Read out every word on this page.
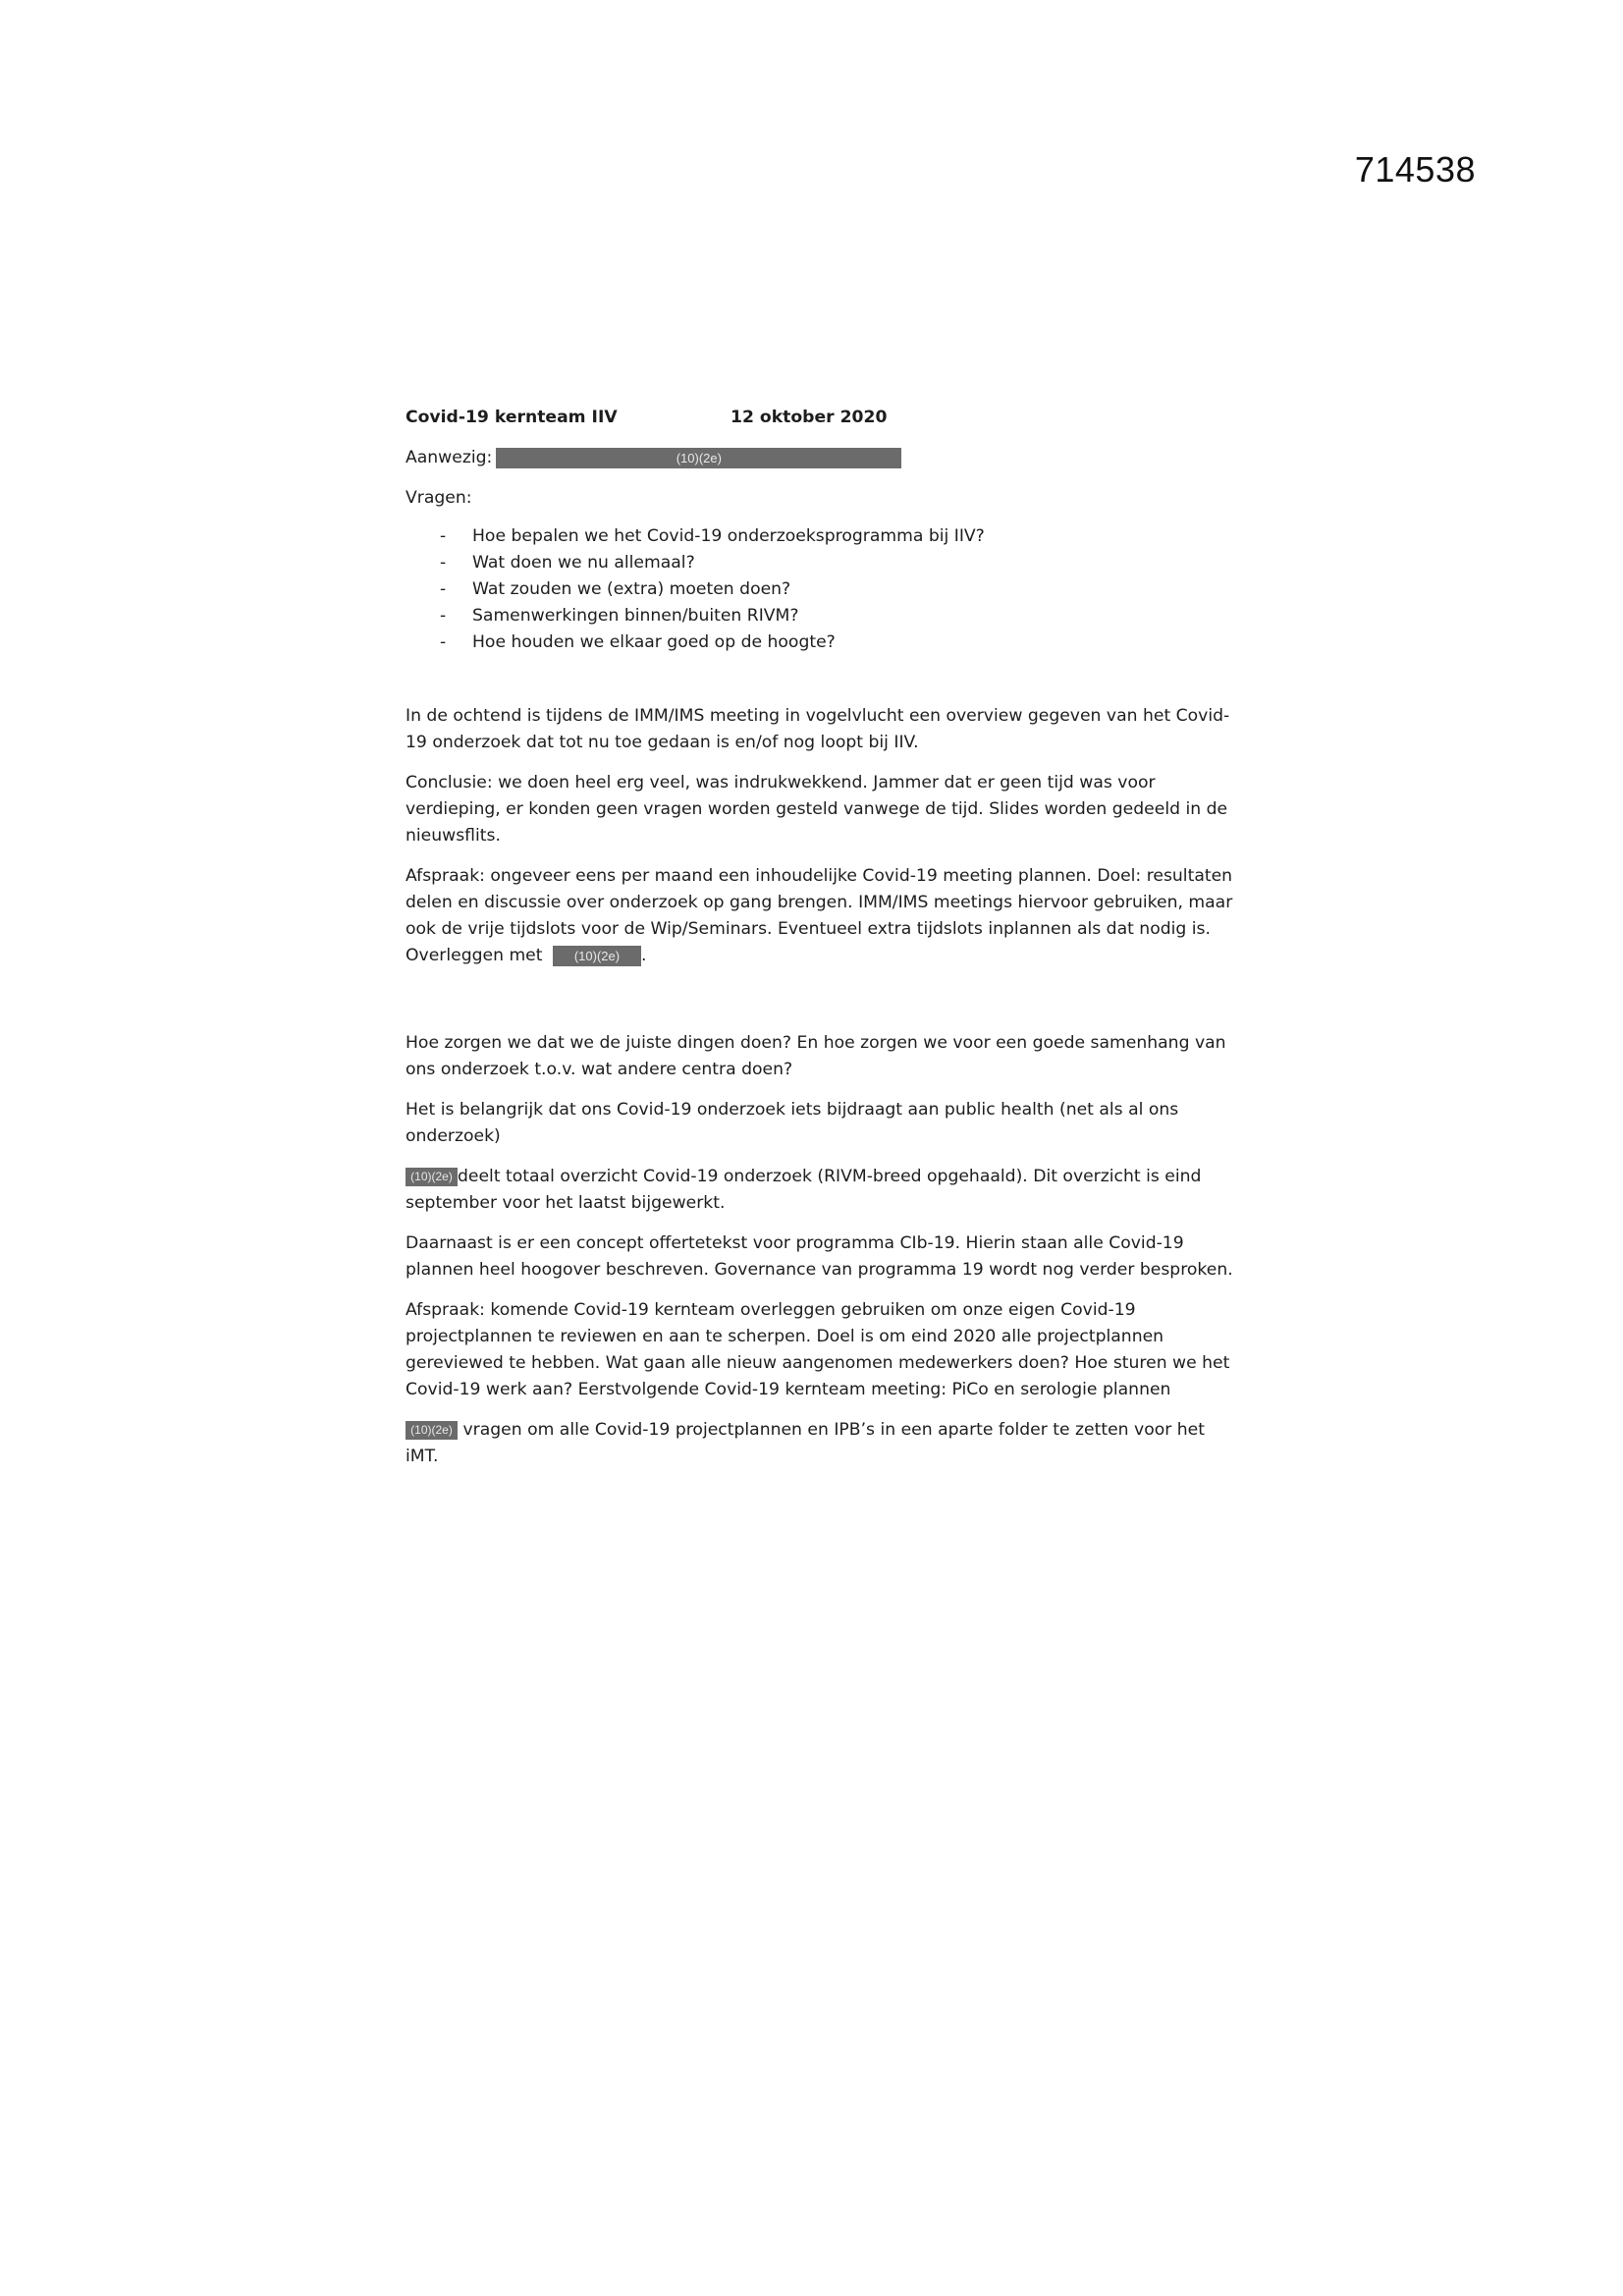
714538
Covid-19 kernteam IIV	12 oktober 2020
Aanwezig:	(10)(2e)
Vragen:
- Hoe bepalen we het Covid-19 onderzoeksprogramma bij IIV?
- Wat doen we nu allemaal?
- Wat zouden we (extra) moeten doen?
- Samenwerkingen binnen/buiten RIVM?
- Hoe houden we elkaar goed op de hoogte?

In de ochtend is tijdens de IMM/IMS meeting in vogelvlucht een overview gegeven van het Covid-19 onderzoek dat tot nu toe gedaan is en/of nog loopt bij IIV.

Conclusie: we doen heel erg veel, was indrukwekkend. Jammer dat er geen tijd was voor verdieping, er konden geen vragen worden gesteld vanwege de tijd. Slides worden gedeeld in de nieuwsflits.

Afspraak: ongeveer eens per maand een inhoudelijke Covid-19 meeting plannen. Doel: resultaten delen en discussie over onderzoek op gang brengen. IMM/IMS meetings hiervoor gebruiken, maar ook de vrije tijdslots voor de Wip/Seminars. Eventueel extra tijdslots inplannen als dat nodig is.
Overleggen met (10)(2e) .

Hoe zorgen we dat we de juiste dingen doen? En hoe zorgen we voor een goede samenhang van ons onderzoek t.o.v. wat andere centra doen?

Het is belangrijk dat ons Covid-19 onderzoek iets bijdraagt aan public health (net als al ons onderzoek)

(10)(2e) deelt totaal overzicht Covid-19 onderzoek (RIVM-breed opgehaald). Dit overzicht is eind september voor het laatst bijgewerkt.

Daarnaast is er een concept offertetekst voor programma CIb-19. Hierin staan alle Covid-19 plannen heel hoogover beschreven. Governance van programma 19 wordt nog verder besproken.

Afspraak: komende Covid-19 kernteam overleggen gebruiken om onze eigen Covid-19 projectplannen te reviewen en aan te scherpen. Doel is om eind 2020 alle projectplannen gereviewed te hebben. Wat gaan alle nieuw aangenomen medewerkers doen? Hoe sturen we het Covid-19 werk aan? Eerstvolgende Covid-19 kernteam meeting: PiCo en serologie plannen

(10)(2e) vragen om alle Covid-19 projectplannen en IPB’s in een aparte folder te zetten voor het iMT.
